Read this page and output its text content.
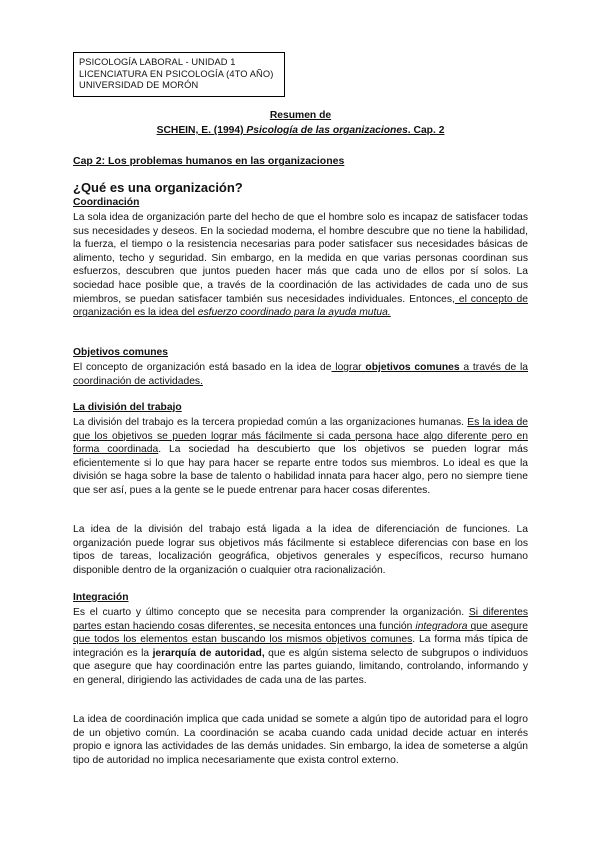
PSICOLOGÍA LABORAL - UNIDAD 1
LICENCIATURA EN PSICOLOGÍA (4TO AÑO)
UNIVERSIDAD DE MORÓN
Resumen de
SCHEIN, E. (1994) Psicología de las organizaciones. Cap. 2
Cap 2: Los problemas humanos en las organizaciones
¿Qué es una organización?
Coordinación

La sola idea de organización parte del hecho de que el hombre solo es incapaz de satisfacer todas sus necesidades y deseos. En la sociedad moderna, el hombre descubre que no tiene la habilidad, la fuerza, el tiempo o la resistencia necesarias para poder satisfacer sus necesidades básicas de alimento, techo y seguridad. Sin embargo, en la medida en que varias personas coordinan sus esfuerzos, descubren que juntos pueden hacer más que cada uno de ellos por sí solos. La sociedad hace posible que, a través de la coordinación de las actividades de cada uno de sus miembros, se puedan satisfacer también sus necesidades individuales. Entonces, el concepto de organización es la idea del esfuerzo coordinado para la ayuda mutua.

Objetivos comunes

El concepto de organización está basado en la idea de lograr objetivos comunes a través de la coordinación de actividades.

La división del trabajo

La división del trabajo es la tercera propiedad común a las organizaciones humanas. Es la idea de que los objetivos se pueden lograr más fácilmente si cada persona hace algo diferente pero en forma coordinada. La sociedad ha descubierto que los objetivos se pueden lograr más eficientemente si lo que hay para hacer se reparte entre todos sus miembros. Lo ideal es que la división se haga sobre la base de talento o habilidad innata para hacer algo, pero no siempre tiene que ser así, pues a la gente se le puede entrenar para hacer cosas diferentes.

La idea de la división del trabajo está ligada a la idea de diferenciación de funciones. La organización puede lograr sus objetivos más fácilmente si establece diferencias con base en los tipos de tareas, localización geográfica, objetivos generales y específicos, recurso humano disponible dentro de la organización o cualquier otra racionalización.

Integración

Es el cuarto y último concepto que se necesita para comprender la organización. Si diferentes partes estan haciendo cosas diferentes, se necesita entonces una función integradora que asegure que todos los elementos estan buscando los mismos objetivos comunes. La forma más típica de integración es la jerarquía de autoridad, que es algún sistema selecto de subgrupos o individuos que asegure que hay coordinación entre las partes guiando, limitando, controlando, informando y en general, dirigiendo las actividades de cada una de las partes.

La idea de coordinación implica que cada unidad se somete a algún tipo de autoridad para el logro de un objetivo común. La coordinación se acaba cuando cada unidad decide actuar en interés propio e ignora las actividades de las demás unidades. Sin embargo, la idea de someterse a algún tipo de autoridad no implica necesariamente que exista control externo.
